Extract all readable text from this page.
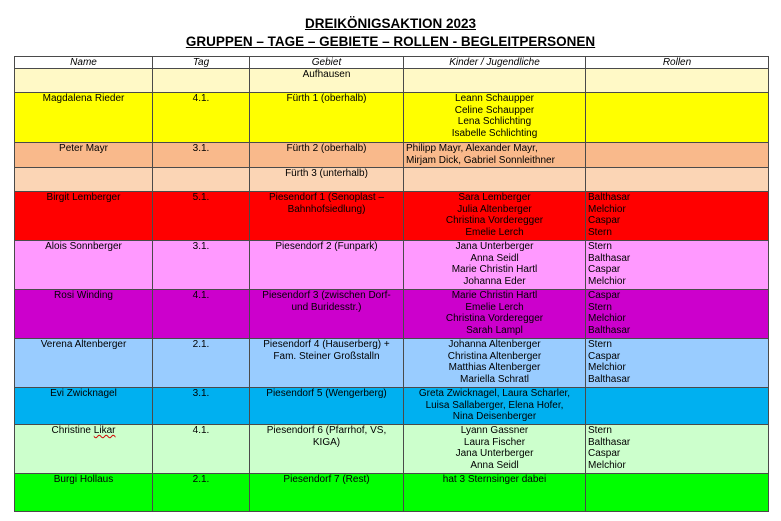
DREIKÖNIGSAKTION 2023
GRUPPEN – TAGE – GEBIETE – ROLLEN - BEGLEITPERSONEN
Name	Tag	Gebiet	Kinder / Jugendliche	Rollen

		Aufhausen		

Magdalena Rieder	4.1.	Fürth 1 (oberhalb)	Leann Schaupper
Celine Schaupper
Lena Schlichting
Isabelle Schlichting	

Peter Mayr	3.1.	Fürth 2 (oberhalb)	Philipp Mayr, Alexander Mayr,
Mirjam Dick, Gabriel Sonnleithner	

		Fürth 3 (unterhalb)		

Birgit Lemberger	5.1.	Piesendorf 1 (Senoplast –
Bahnhofsiedlung)	Sara Lemberger
Julia Altenberger
Christina Vorderegger
Emelie Lerch	Balthasar
Melchior
Caspar
Stern

Alois Sonnberger	3.1.	Piesendorf 2 (Funpark)	Jana Unterberger
Anna Seidl
Marie Christin Hartl
Johanna Eder	Stern
Balthasar
Caspar
Melchior

Rosi Winding	4.1.	Piesendorf 3 (zwischen Dorf-
und Buridesstr.)	Marie Christin Hartl
Emelie Lerch
Christina Vorderegger
Sarah Lampl	Caspar
Stern
Melchior
Balthasar

Verena Altenberger	2.1.	Piesendorf 4 (Hauserberg) +
Fam. Steiner Großstalln	Johanna Altenberger
Christina Altenberger
Matthias Altenberger
Mariella Schratl	Stern
Caspar
Melchior
Balthasar

Evi Zwicknagel	3.1.	Piesendorf 5 (Wengerberg)	Greta Zwicknagel, Laura Scharler,
Luisa Sallaberger, Elena Hofer,
Nina Deisenberger	

Christine Likar	4.1.	Piesendorf 6 (Pfarrhof, VS,
KIGA)	Lyann Gassner
Laura Fischer
Jana Unterberger
Anna Seidl	Stern
Balthasar
Caspar
Melchior

Burgi Hollaus	2.1.	Piesendorf 7 (Rest)	hat 3 Sternsinger dabei	
